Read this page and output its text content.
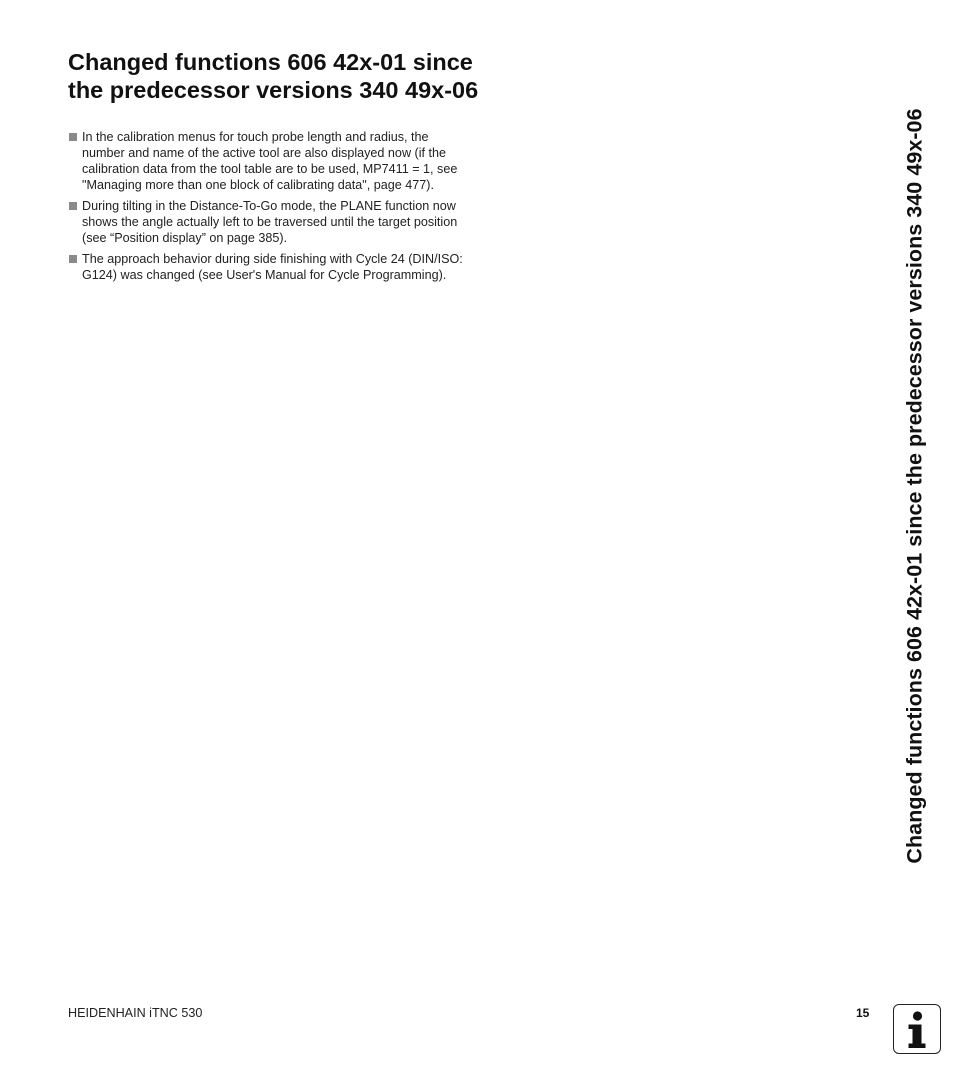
Changed functions 606 42x-01 since
the predecessor versions 340 49x-06
In the calibration menus for touch probe length and radius, the
number and name of the active tool are also displayed now (if the
calibration data from the tool table are to be used, MP7411 = 1, see
"Managing more than one block of calibrating data", page 477).
During tilting in the Distance-To-Go mode, the PLANE function now
shows the angle actually left to be traversed until the target position
(see “Position display” on page 385).
The approach behavior during side finishing with Cycle 24 (DIN/ISO:
G124) was changed (see User's Manual for Cycle Programming).	Changed functions 606 42x-01 since the predecessor versions 340 49x-06
HEIDENHAIN iTNC 530	15
